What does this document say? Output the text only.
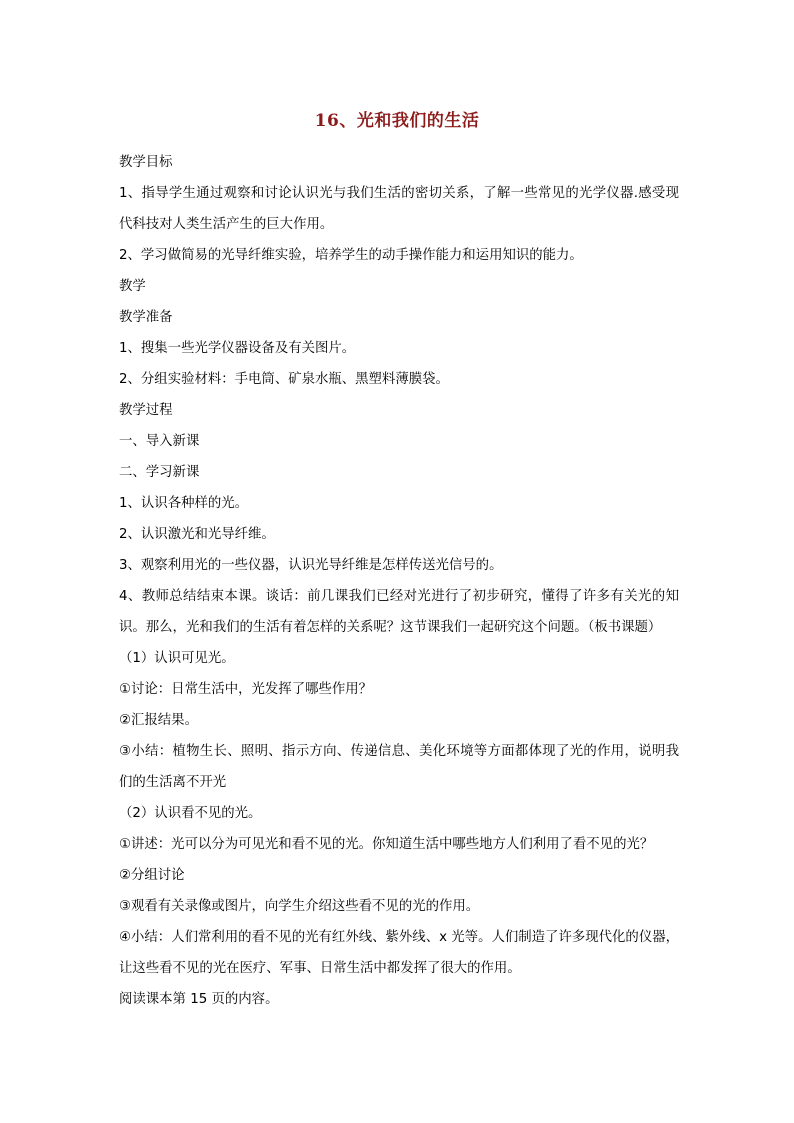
16、光和我们的生活

教学目标

1、指导学生通过观察和讨论认识光与我们生活的密切关系，了解一些常见的光学仪器.感受现代科技对人类生活产生的巨大作用。

2、学习做简易的光导纤维实验，培养学生的动手操作能力和运用知识的能力。

教学

教学准备

1、搜集一些光学仪器设备及有关图片。

2、分组实验材料：手电筒、矿泉水瓶、黑塑料薄膜袋。

教学过程

一、导入新课

二、学习新课

1、认识各种样的光。

2、认识激光和光导纤维。

3、观察利用光的一些仪器，认识光导纤维是怎样传送光信号的。

4、教师总结结束本课。谈话：前几课我们已经对光进行了初步研究，懂得了许多有关光的知识。那么，光和我们的生活有着怎样的关系呢？这节课我们一起研究这个问题。（板书课题）

（1）认识可见光。

①讨论：日常生活中，光发挥了哪些作用？

②汇报结果。

③小结：植物生长、照明、指示方向、传递信息、美化环境等方面都体现了光的作用，说明我们的生活离不开光

（2）认识看不见的光。

①讲述：光可以分为可见光和看不见的光。你知道生活中哪些地方人们利用了看不见的光？

②分组讨论

③观看有关录像或图片，向学生介绍这些看不见的光的作用。

④小结：人们常利用的看不见的光有红外线、紫外线、x 光等。人们制造了许多现代化的仪器，让这些看不见的光在医疗、军事、日常生活中都发挥了很大的作用。

阅读课本第 15 页的内容。
